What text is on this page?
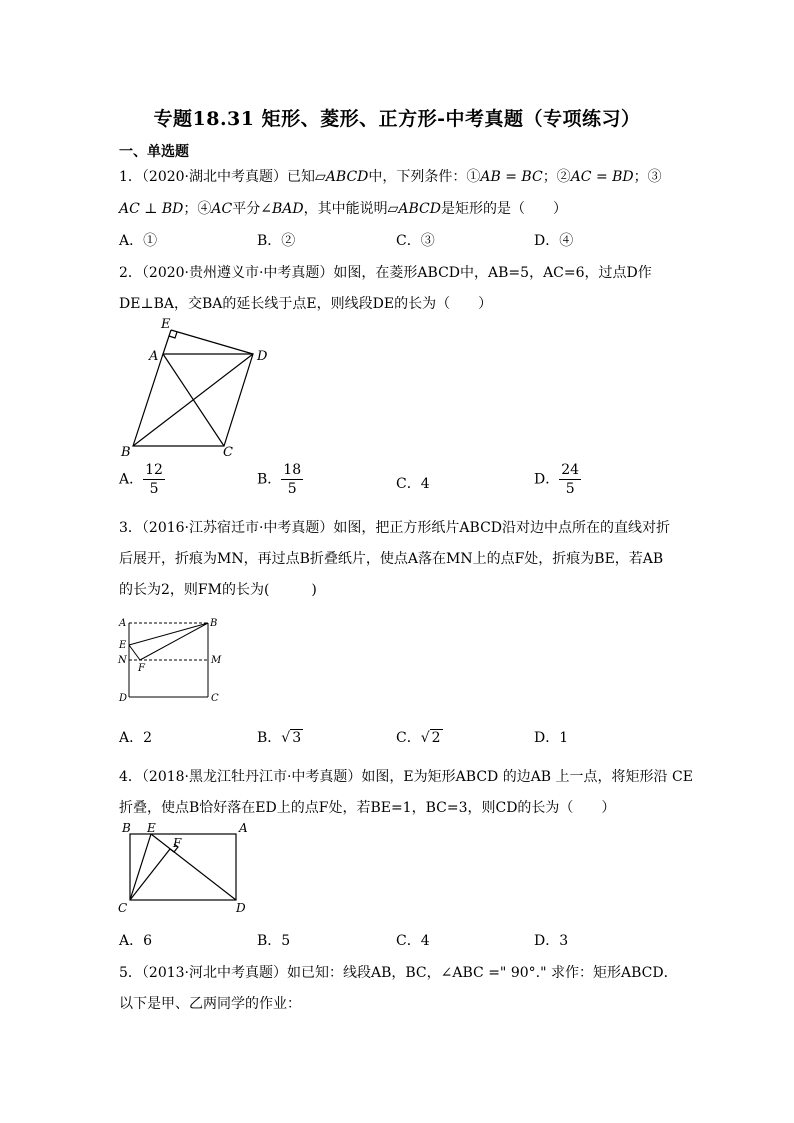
专题18.31 矩形、菱形、正方形-中考真题（专项练习）
一、单选题
1．（2020·湖北中考真题）已知▱ABCD中，下列条件：①AB = BC；②AC = BD；③
AC ⊥ BD；④AC平分∠BAD，其中能说明▱ABCD是矩形的是（　　）
A．①	B．②	C．③	D．④
2．（2020·贵州遵义市·中考真题）如图，在菱形ABCD中，AB=5，AC=6，过点D作
DE⊥BA，交BA的延长线于点E，则线段DE的长为（　　）
E
A	D
B	C
A． $\frac{12}{5}$	B． $\frac{18}{5}$	C．4	D． $\frac{24}{5}$
3．（2016·江苏宿迁市·中考真题）如图，把正方形纸片ABCD沿对边中点所在的直线对折
后展开，折痕为MN，再过点B折叠纸片，使点A落在MN上的点F处，折痕为BE，若AB
的长为2，则FM的长为(　　　)
A	B
E
N
F
M
D	C
A．2	B．√ 3	C．√ 2	D．1
4．（2018·黑龙江牡丹江市·中考真题）如图，E为矩形ABCD 的边AB 上一点，将矩形沿 CE
折叠，使点B恰好落在ED上的点F处，若BE=1，BC=3，则CD的长为（　　）
B E	A
F
C	D
A．6	B．5	C．4	D．3
5．（2013·河北中考真题）如已知：线段AB，BC，∠ABC =" 90°." 求作：矩形ABCD．
以下是甲、乙两同学的作业：
